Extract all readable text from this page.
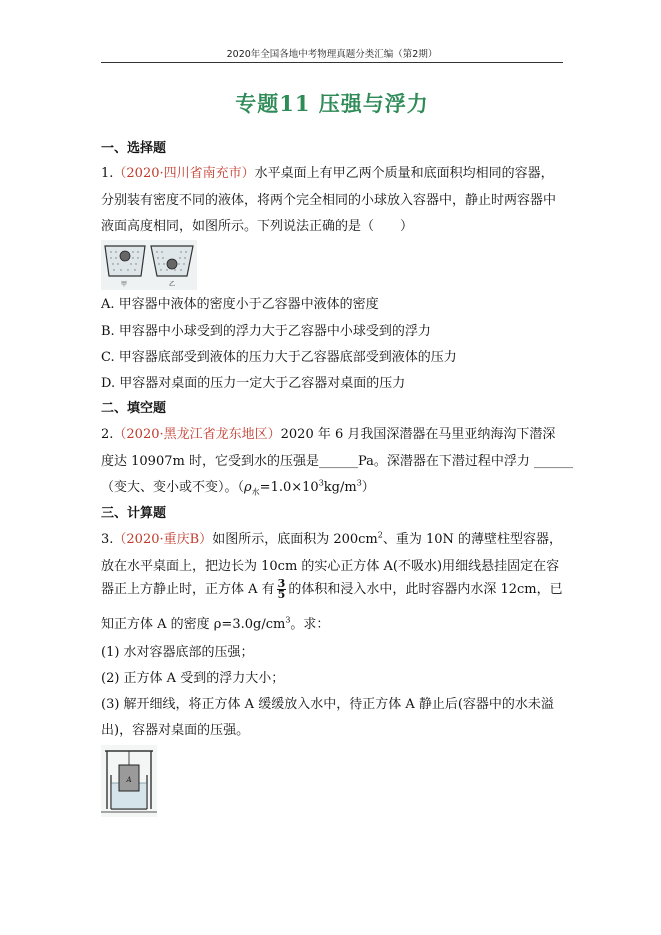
2020年全国各地中考物理真题分类汇编（第2期）
专题11 压强与浮力
一、选择题
1.（2020·四川省南充市）水平桌面上有甲乙两个质量和底面积均相同的容器，
分别装有密度不同的液体，将两个完全相同的小球放入容器中，静止时两容器中
液面高度相同，如图所示。下列说法正确的是（　　）
甲	乙
A. 甲容器中液体的密度小于乙容器中液体的密度
B. 甲容器中小球受到的浮力大于乙容器中小球受到的浮力
C. 甲容器底部受到液体的压力大于乙容器底部受到液体的压力
D. 甲容器对桌面的压力一定大于乙容器对桌面的压力
二、填空题
2.（2020·黑龙江省龙东地区）2020 年 6 月我国深潜器在马里亚纳海沟下潜深
度达 10907m 时，它受到水的压强是______Pa。深潜器在下潜过程中浮力 ______
（变大、变小或不变）。$(\rho_水=1.0\times 10^3kg/m^3)$
三、计算题
3.（2020·重庆B）如图所示，底面积为 $200cm^2$、重为 10N 的薄壁柱型容器，
放在水平桌面上，把边长为 10cm 的实心正方体 A(不吸水)用细线悬挂固定在容
器正上方静止时，正方体 A 有 $\frac{3}{5}$ 的体积和浸入水中，此时容器内水深 12cm，已
知正方体 A 的密度 $\rho=3.0g/cm^3$。求：
(1) 水对容器底部的压强；
(2) 正方体 A 受到的浮力大小；
(3) 解开细线，将正方体 A 缓缓放入水中，待正方体 A 静止后(容器中的水未溢
出)，容器对桌面的压强。
A
